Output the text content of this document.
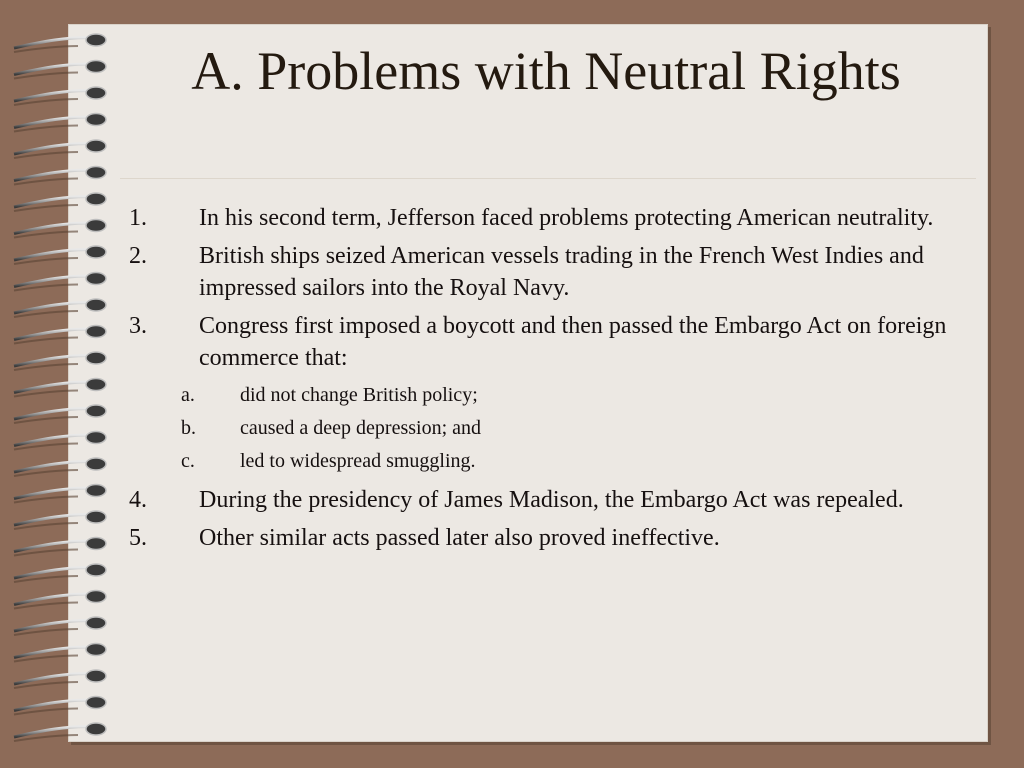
A. Problems with Neutral Rights
1.	In his second term, Jefferson faced problems protecting American neutrality.
2.	British ships seized American vessels trading in the French West Indies and impressed sailors into the Royal Navy.
3.	Congress first imposed a boycott and then passed the Embargo Act on foreign commerce that:
a.	did not change British policy;
b.	caused a deep depression; and
c.	led to widespread smuggling.
4.	During the presidency of James Madison, the Embargo Act was repealed.
5.	Other similar acts passed later also proved ineffective.
